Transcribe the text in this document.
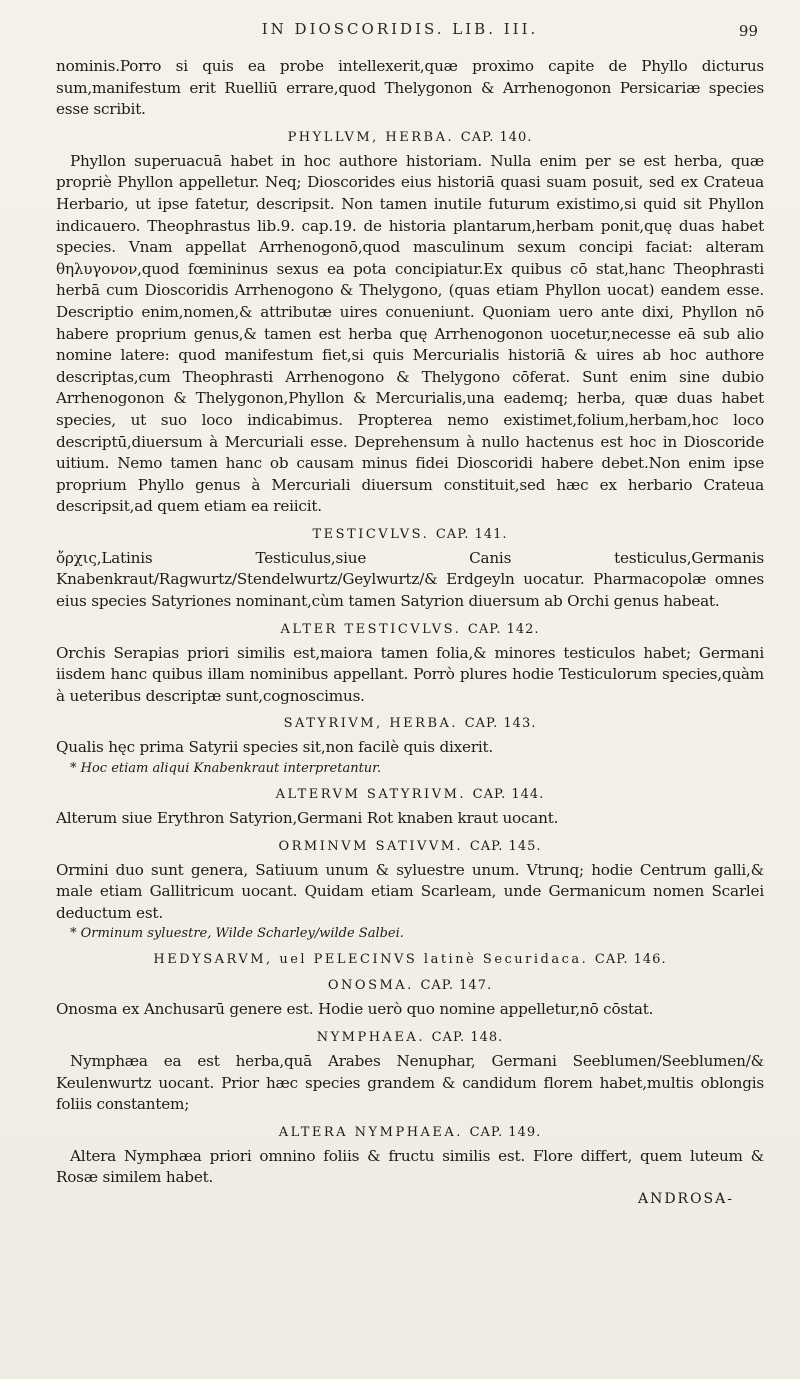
IN DIOSCORIDIS. LIB. III.	99

nominis.Porro si quis ea probe intellexerit,quæ proximo capite de Phyllo dicturus sum,manifestum erit Ruelliū errare,quod Thelygonon & Arrhenogonon Persicariæ species esse scribit.

PHYLLVM, HERBA. CAP. 140.

Phyllon superuacuā habet in hoc authore historiam. Nulla enim per se est herba, quæ propriè Phyllon appelletur. Neq; Dioscorides eius historiā quasi suam posuit, sed ex Crateua Herbario, ut ipse fatetur, descripsit. Non tamen inutile futurum existimo,si quid sit Phyllon indicauero. Theophrastus lib.9. cap.19. de historia plantarum,herbam ponit,quę duas habet species. Vnam appellat Arrhenogonō,quod masculinum sexum concipi faciat: alteram θηλυγονον,quod fœmininus sexus ea pota concipiatur.Ex quibus cō stat,hanc Theophrasti herbā cum Dioscoridis Arrhenogono & Thelygono, (quas etiam Phyllon uocat) eandem esse. Descriptio enim,nomen,& attributæ uires conueniunt. Quoniam uero ante dixi, Phyllon nō habere proprium genus,& tamen est herba quę Arrhenogonon uocetur,necesse eā sub alio nomine latere: quod manifestum fiet,si quis Mercurialis historiā & uires ab hoc authore descriptas,cum Theophrasti Arrhenogono & Thelygono cōferat. Sunt enim sine dubio Arrhenogonon & Thelygonon,Phyllon & Mercurialis,una eademq; herba, quæ duas habet species, ut suo loco indicabimus. Propterea nemo existimet,folium,herbam,hoc loco descriptū,diuersum à Mercuriali esse. Deprehensum à nullo hactenus est hoc in Dioscoride uitium. Nemo tamen hanc ob causam minus fidei Dioscoridi habere debet.Non enim ipse proprium Phyllo genus à Mercuriali diuersum constituit,sed hæc ex herbario Crateua descripsit,ad quem etiam ea reiicit.

TESTICVLVS. CAP. 141.

ὄρχις,Latinis Testiculus,siue Canis testiculus,Germanis Knabenkraut/Ragwurtz/Stendelwurtz/Geylwurtz/& Erdgeyln uocatur. Pharmacopolæ omnes eius species Satyriones nominant,cùm tamen Satyrion diuersum ab Orchi genus habeat.

ALTER TESTICVLVS. CAP. 142.

Orchis Serapias priori similis est,maiora tamen folia,& minores testiculos habet; Germani iisdem hanc quibus illam nominibus appellant. Porrò plures hodie Testiculorum species,quàm à ueteribus descriptæ sunt,cognoscimus.

SATYRIVM, HERBA. CAP. 143.

Qualis hęc prima Satyrii species sit,non facilè quis dixerit.

* Hoc etiam aliqui Knabenkraut interpretantur.

ALTERVM SATYRIVM. CAP. 144.

Alterum siue Erythron Satyrion,Germani Rot knaben kraut uocant.

ORMINVM SATIVVM. CAP. 145.

Ormini duo sunt genera, Satiuum unum & syluestre unum. Vtrunq; hodie Centrum galli,& male etiam Gallitricum uocant. Quidam etiam Scarleam, unde Germanicum nomen Scarlei deductum est.

* Orminum syluestre, Wilde Scharley/wilde Salbei.

HEDYSARVM, uel PELECINVS latinè Securidaca. CAP. 146.
ONOSMA. CAP. 147.

Onosma ex Anchusarū genere est. Hodie uerò quo nomine appelletur,nō cōstat.

NYMPHAEA. CAP. 148.

Nymphæa ea est herba,quā Arabes Nenuphar, Germani Seeblumen/Seeblumen/& Keulenwurtz uocant. Prior hæc species grandem & candidum florem habet,multis oblongis foliis constantem;

ALTERA NYMPHAEA. CAP. 149.

Altera Nymphæa priori omnino foliis & fructu similis est. Flore differt, quem luteum & Rosæ similem habet.

ANDROSA-
